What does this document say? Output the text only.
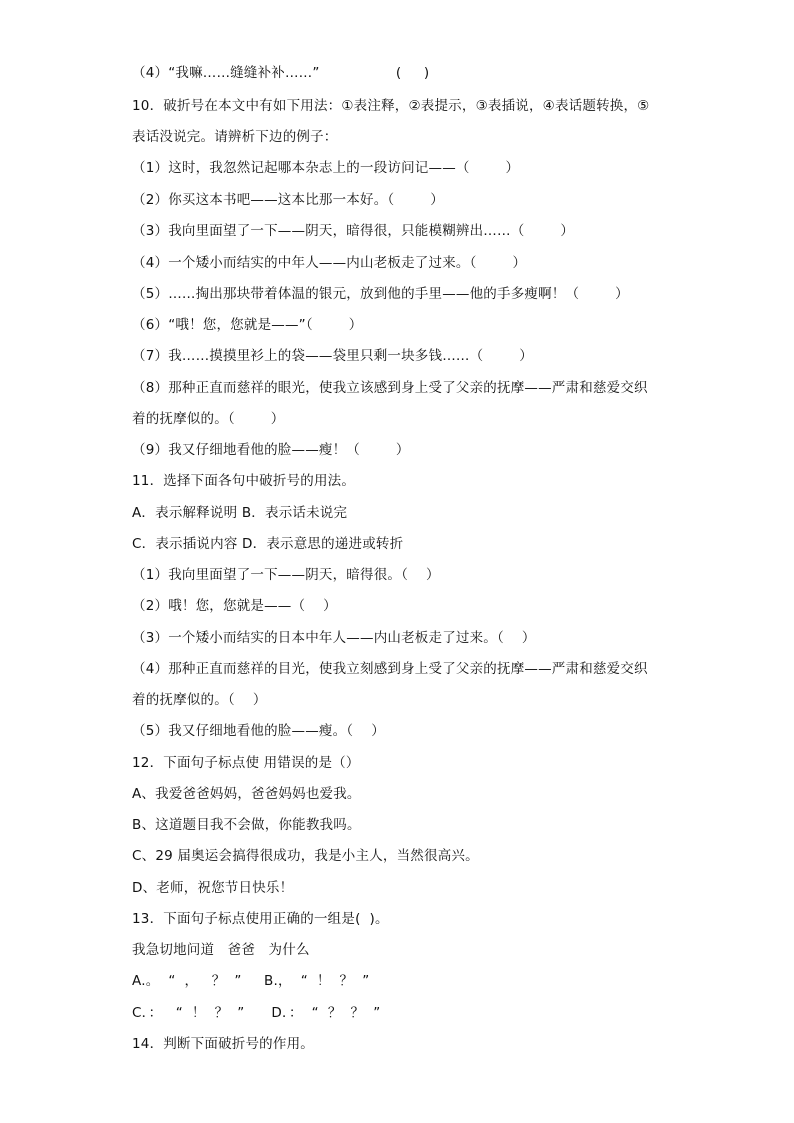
（4）“我嘛……缝缝补补……”                 (     )
10．破折号在本文中有如下用法：①表注释，②表提示，③表插说，④表话题转换，⑤
表话没说完。请辨析下边的例子：
（1）这时，我忽然记起哪本杂志上的一段访问记——（        ）
（2）你买这本书吧——这本比那一本好。（        ）
（3）我向里面望了一下——阴天，暗得很，只能模糊辨出……（        ）
（4）一个矮小而结实的中年人——内山老板走了过来。（        ）
（5）……掏出那块带着体温的银元，放到他的手里——他的手多瘦啊！（        ）
（6）“哦！您，您就是——”（        ）
（7）我……摸摸里衫上的袋——袋里只剩一块多钱……（        ）
（8）那种正直而慈祥的眼光，使我立该感到身上受了父亲的抚摩——严肃和慈爱交织
着的抚摩似的。（        ）
（9）我又仔细地看他的脸——瘦！（        ）
11．选择下面各句中破折号的用法。
A．表示解释说明 B．表示话未说完
C．表示插说内容 D．表示意思的递进或转折
（1）我向里面望了一下——阴天，暗得很。（    ）
（2）哦！您，您就是——（    ）
（3）一个矮小而结实的日本中年人——内山老板走了过来。（    ）
（4）那种正直而慈祥的目光，使我立刻感到身上受了父亲的抚摩——严肃和慈爱交织
着的抚摩似的。（    ）
（5）我又仔细地看他的脸——瘦。（    ）
12．下面句子标点使 用错误的是（）
A、我爱爸爸妈妈，爸爸妈妈也爱我。
B、这道题目我不会做，你能教我吗。
C、29 届奥运会搞得很成功，我是小主人，当然很高兴。
D、老师，祝您节日快乐！
13．下面句子标点使用正确的一组是(  )。
我急切地问道   爸爸   为什么
A.。  “  ，   ？  ”     B.，  “  ！  ？  ”
C．：   “  ！  ？  ”      D．：  “  ？  ？  ”
14．判断下面破折号的作用。
